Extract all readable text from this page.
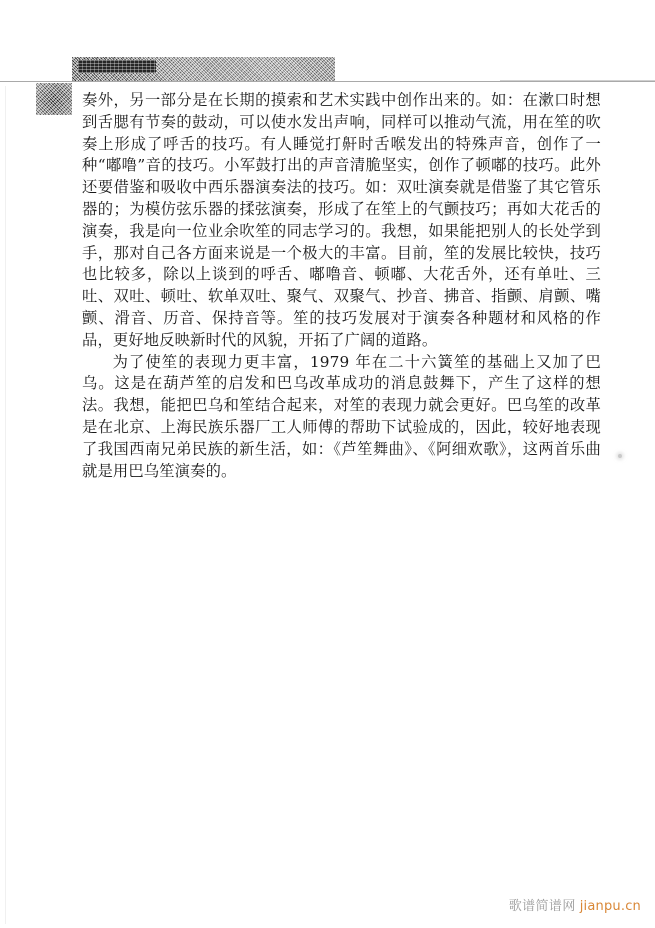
奏外，另一部分是在长期的摸索和艺术实践中创作出来的。如：在漱口时想到舌腮有节奏的鼓动，可以使水发出声响，同样可以推动气流，用在笙的吹奏上形成了呼舌的技巧。有人睡觉打鼾时舌喉发出的特殊声音，创作了一种“嘟噜”音的技巧。小军鼓打出的声音清脆坚实，创作了顿嘟的技巧。此外还要借鉴和吸收中西乐器演奏法的技巧。如：双吐演奏就是借鉴了其它管乐器的；为模仿弦乐器的揉弦演奏，形成了在笙上的气颤技巧；再如大花舌的演奏，我是向一位业余吹笙的同志学习的。我想，如果能把别人的长处学到手，那对自己各方面来说是一个极大的丰富。目前，笙的发展比较快，技巧也比较多，除以上谈到的呼舌、嘟噜音、顿嘟、大花舌外，还有单吐、三吐、双吐、顿吐、软单双吐、聚气、双聚气、抄音、拂音、指颤、肩颤、嘴颤、滑音、历音、保持音等。笙的技巧发展对于演奏各种题材和风格的作品，更好地反映新时代的风貌，开拓了广阔的道路。

为了使笙的表现力更丰富，1979 年在二十六簧笙的基础上又加了巴乌。这是在葫芦笙的启发和巴乌改革成功的消息鼓舞下，产生了这样的想法。我想，能把巴乌和笙结合起来，对笙的表现力就会更好。巴乌笙的改革是在北京、上海民族乐器厂工人师傅的帮助下试验成的，因此，较好地表现了我国西南兄弟民族的新生活，如：《芦笙舞曲》、《阿细欢歌》，这两首乐曲就是用巴乌笙演奏的。

歌谱简谱网 jianpu.cn
